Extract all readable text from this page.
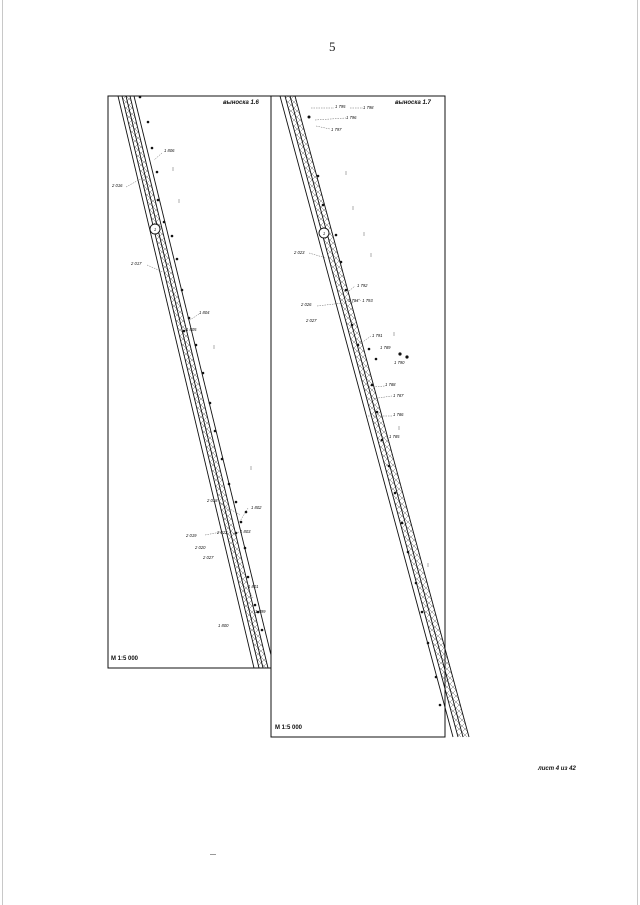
5
1
1 806
2 016
2 017
1 804
1 805
2 018
1 802
2 019
2 022	1 803
2 020
2 027
1 801
1 799
1 800
выноска 1.6
М 1:5 000
1
1 795	1 798
1 796
1 797
2 023
1 792
2 026
1 794 - 1 793
2 027
1 791
1 789
1 790
1 788
1 787
1 786
1 785
выноска 1.7
М 1:5 000
лист 4 из 42
